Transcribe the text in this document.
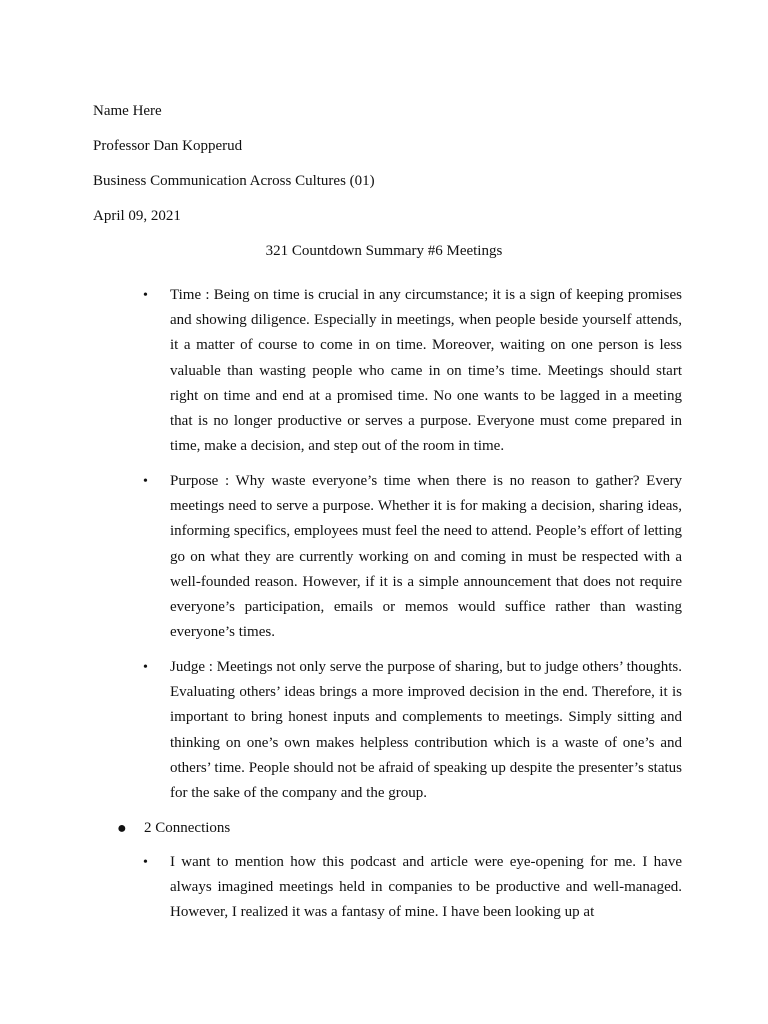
Name Here
Professor Dan Kopperud
Business Communication Across Cultures (01)
April 09, 2021
321 Countdown Summary #6 Meetings
• Time : Being on time is crucial in any circumstance; it is a sign of keeping promises and showing diligence. Especially in meetings, when people beside yourself attends, it a matter of course to come in on time. Moreover, waiting on one person is less valuable than wasting people who came in on time’s time. Meetings should start right on time and end at a promised time. No one wants to be lagged in a meeting that is no longer productive or serves a purpose. Everyone must come prepared in time, make a decision, and step out of the room in time.

• Purpose : Why waste everyone’s time when there is no reason to gather? Every meetings need to serve a purpose. Whether it is for making a decision, sharing ideas, informing specifics, employees must feel the need to attend. People’s effort of letting go on what they are currently working on and coming in must be respected with a well-founded reason. However, if it is a simple announcement that does not require everyone’s participation, emails or memos would suffice rather than wasting everyone’s times.

• Judge : Meetings not only serve the purpose of sharing, but to judge others’ thoughts. Evaluating others’ ideas brings a more improved decision in the end. Therefore, it is important to bring honest inputs and complements to meetings. Simply sitting and thinking on one’s own makes helpless contribution which is a waste of one’s and others’ time. People should not be afraid of speaking up despite the presenter’s status for the sake of the company and the group.

● 2 Connections
• I want to mention how this podcast and article were eye-opening for me. I have always imagined meetings held in companies to be productive and well-managed. However, I realized it was a fantasy of mine. I have been looking up at
